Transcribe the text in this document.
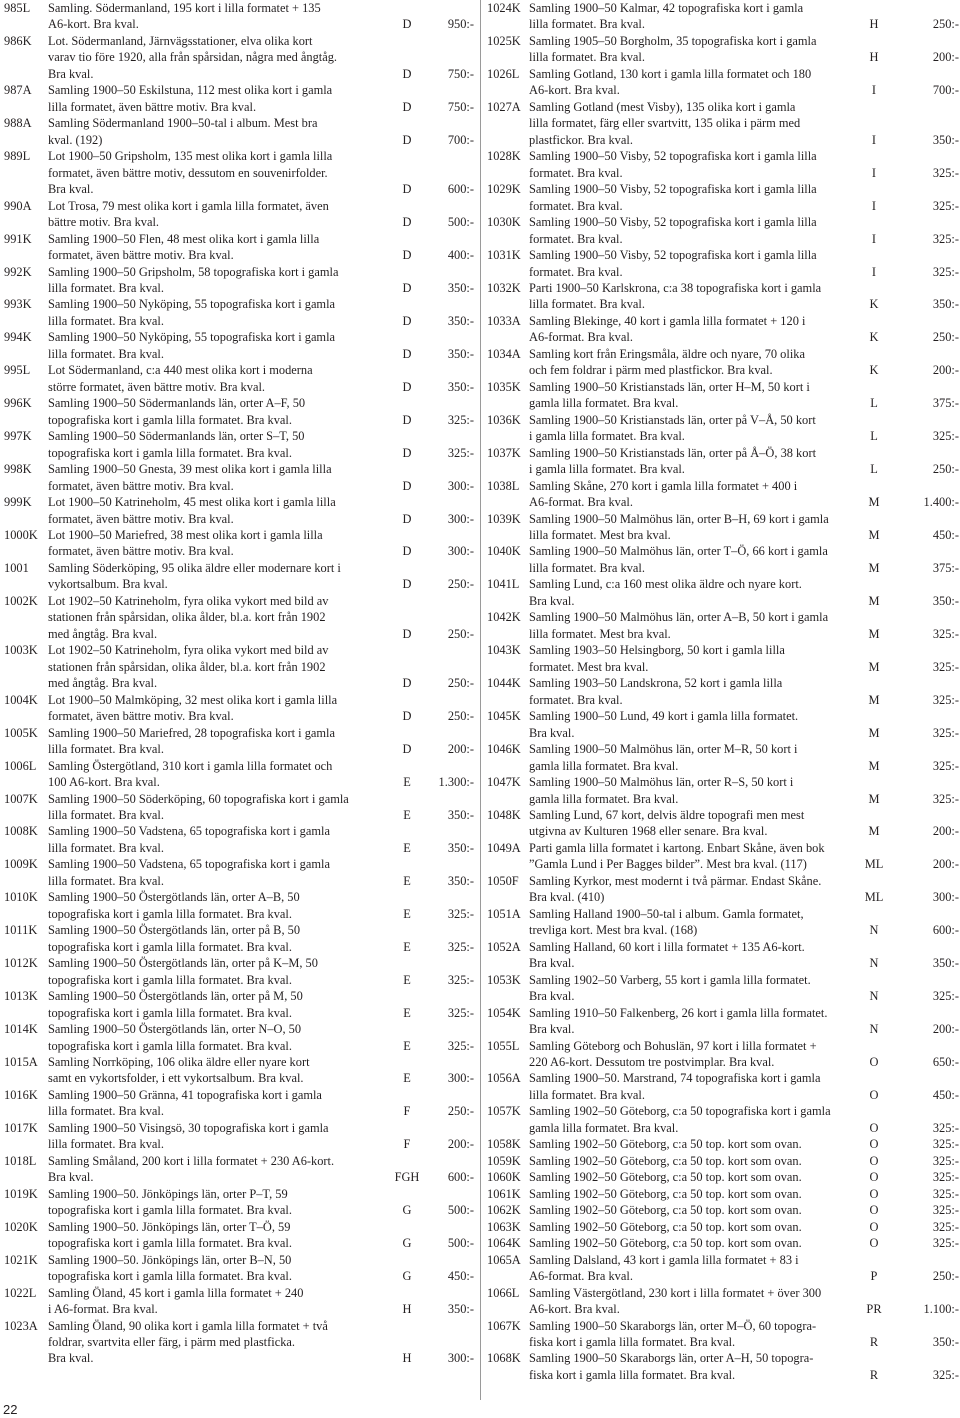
985L Samling. Södermanland, 195 kort i lilla formatet + 135
A6-kort. Bra kval.	D	950:-
986K Lot. Södermanland, Järnvägsstationer, elva olika kort
varav tio före 1920, alla från spårsidan, några med ångtåg.
Bra kval.	D	750:-
987A Samling 1900–50 Eskilstuna, 112 mest olika kort i gamla
lilla formatet, även bättre motiv. Bra kval.	D	750:-
988A Samling Södermanland 1900–50-tal i album. Mest bra
kval. (192)	D	700:-
989L Lot 1900–50 Gripsholm, 135 mest olika kort i gamla lilla
formatet, även bättre motiv, dessutom en souvenirfolder.
Bra kval.	D	600:-
990A Lot Trosa, 79 mest olika kort i gamla lilla formatet, även
bättre motiv. Bra kval.	D	500:-
991K Samling 1900–50 Flen, 48 mest olika kort i gamla lilla
formatet, även bättre motiv. Bra kval.	D	400:-
992K Samling 1900–50 Gripsholm, 58 topografiska kort i gamla
lilla formatet. Bra kval.	D	350:-
993K Samling 1900–50 Nyköping, 55 topografiska kort i gamla
lilla formatet. Bra kval.	D	350:-
994K Samling 1900–50 Nyköping, 55 topografiska kort i gamla
lilla formatet. Bra kval.	D	350:-
995L Lot Södermanland, c:a 440 mest olika kort i moderna
större formatet, även bättre motiv. Bra kval.	D	350:-
996K Samling 1900–50 Södermanlands län, orter A–F, 50
topografiska kort i gamla lilla formatet. Bra kval.	D	325:-
997K Samling 1900–50 Södermanlands län, orter S–T, 50
topografiska kort i gamla lilla formatet. Bra kval.	D	325:-
998K Samling 1900–50 Gnesta, 39 mest olika kort i gamla lilla
formatet, även bättre motiv. Bra kval.	D	300:-
999K Lot 1900–50 Katrineholm, 45 mest olika kort i gamla lilla
formatet, även bättre motiv. Bra kval.	D	300:-
1000K Lot 1900–50 Mariefred, 38 mest olika kort i gamla lilla
formatet, även bättre motiv. Bra kval.	D	300:-
1001 Samling Söderköping, 95 olika äldre eller modernare kort i
vykortsalbum. Bra kval.	D	250:-
1002K Lot 1902–50 Katrineholm, fyra olika vykort med bild av
stationen från spårsidan, olika ålder, bl.a. kort från 1902
med ångtåg. Bra kval.	D	250:-
1003K Lot 1902–50 Katrineholm, fyra olika vykort med bild av
stationen från spårsidan, olika ålder, bl.a. kort från 1902
med ångtåg. Bra kval.	D	250:-
1004K Lot 1900–50 Malmköping, 32 mest olika kort i gamla lilla
formatet, även bättre motiv. Bra kval.	D	250:-
1005K Samling 1900–50 Mariefred, 28 topografiska kort i gamla
lilla formatet. Bra kval.	D	200:-
1006L Samling Östergötland, 310 kort i gamla lilla formatet och
100 A6-kort. Bra kval.	E	1.300:-
1007K Samling 1900–50 Söderköping, 60 topografiska kort i gamla
lilla formatet. Bra kval.	E	350:-
1008K Samling 1900–50 Vadstena, 65 topografiska kort i gamla
lilla formatet. Bra kval.	E	350:-
1009K Samling 1900–50 Vadstena, 65 topografiska kort i gamla
lilla formatet. Bra kval.	E	350:-
1010K Samling 1900–50 Östergötlands län, orter A–B, 50
topografiska kort i gamla lilla formatet. Bra kval.	E	325:-
1011K Samling 1900–50 Östergötlands län, orter på B, 50
topografiska kort i gamla lilla formatet. Bra kval.	E	325:-
1012K Samling 1900–50 Östergötlands län, orter på K–M, 50
topografiska kort i gamla lilla formatet. Bra kval.	E	325:-
1013K Samling 1900–50 Östergötlands län, orter på M, 50
topografiska kort i gamla lilla formatet. Bra kval.	E	325:-
1014K Samling 1900–50 Östergötlands län, orter N–O, 50
topografiska kort i gamla lilla formatet. Bra kval.	E	325:-
1015A Samling Norrköping, 106 olika äldre eller nyare kort
samt en vykortsfolder, i ett vykortsalbum. Bra kval.	E	300:-
1016K Samling 1900–50 Gränna, 41 topografiska kort i gamla
lilla formatet. Bra kval.	F	250:-
1017K Samling 1900–50 Visingsö, 30 topografiska kort i gamla
lilla formatet. Bra kval.	F	200:-
1018L Samling Småland, 200 kort i lilla formatet + 230 A6-kort.
Bra kval.	FGH	600:-
1019K Samling 1900–50. Jönköpings län, orter P–T, 59
topografiska kort i gamla lilla formatet. Bra kval.	G	500:-
1020K Samling 1900–50. Jönköpings län, orter T–Ö, 59
topografiska kort i gamla lilla formatet. Bra kval.	G	500:-
1021K Samling 1900–50. Jönköpings län, orter B–N, 50
topografiska kort i gamla lilla formatet. Bra kval.	G	450:-
1022L Samling Öland, 45 kort i gamla lilla formatet + 240
i A6-format. Bra kval.	H	350:-
1023A Samling Öland, 90 olika kort i gamla lilla formatet + två
foldrar, svartvita eller färg, i pärm med plastficka.
Bra kval.	H	300:-
1024K Samling 1900–50 Kalmar, 42 topografiska kort i gamla
lilla formatet. Bra kval.	H	250:-
1025K Samling 1905–50 Borgholm, 35 topografiska kort i gamla
lilla formatet. Bra kval.	H	200:-
1026L Samling Gotland, 130 kort i gamla lilla formatet och 180
A6-kort. Bra kval.	I	700:-
1027A Samling Gotland (mest Visby), 135 olika kort i gamla
lilla formatet, färg eller svartvitt, 135 olika i pärm med
plastfickor. Bra kval.	I	350:-
1028K Samling 1900–50 Visby, 52 topografiska kort i gamla lilla
formatet. Bra kval.	I	325:-
1029K Samling 1900–50 Visby, 52 topografiska kort i gamla lilla
formatet. Bra kval.	I	325:-
1030K Samling 1900–50 Visby, 52 topografiska kort i gamla lilla
formatet. Bra kval.	I	325:-
1031K Samling 1900–50 Visby, 52 topografiska kort i gamla lilla
formatet. Bra kval.	I	325:-
1032K Parti 1900–50 Karlskrona, c:a 38 topografiska kort i gamla
lilla formatet. Bra kval.	K	350:-
1033A Samling Blekinge, 40 kort i gamla lilla formatet + 120 i
A6-format. Bra kval.	K	250:-
1034A Samling kort från Eringsmåla, äldre och nyare, 70 olika
och fem foldrar i pärm med plastfickor. Bra kval.	K	200:-
1035K Samling 1900–50 Kristianstads län, orter H–M, 50 kort i
gamla lilla formatet. Bra kval.	L	375:-
1036K Samling 1900–50 Kristianstads län, orter på V–Å, 50 kort
i gamla lilla formatet. Bra kval.	L	325:-
1037K Samling 1900–50 Kristianstads län, orter på Å–Ö, 38 kort
i gamla lilla formatet. Bra kval.	L	250:-
1038L Samling Skåne, 270 kort i gamla lilla formatet + 400 i
A6-format. Bra kval.	M	1.400:-
1039K Samling 1900–50 Malmöhus län, orter B–H, 69 kort i gamla
lilla formatet. Mest bra kval.	M	450:-
1040K Samling 1900–50 Malmöhus län, orter T–Ö, 66 kort i gamla
lilla formatet. Bra kval.	M	375:-
1041L Samling Lund, c:a 160 mest olika äldre och nyare kort.
Bra kval.	M	350:-
1042K Samling 1900–50 Malmöhus län, orter A–B, 50 kort i gamla
lilla formatet. Mest bra kval.	M	325:-
1043K Samling 1903–50 Helsingborg, 50 kort i gamla lilla
formatet. Mest bra kval.	M	325:-
1044K Samling 1903–50 Landskrona, 52 kort i gamla lilla
formatet. Bra kval.	M	325:-
1045K Samling 1900–50 Lund, 49 kort i gamla lilla formatet.
Bra kval.	M	325:-
1046K Samling 1900–50 Malmöhus län, orter M–R, 50 kort i
gamla lilla formatet. Bra kval.	M	325:-
1047K Samling 1900–50 Malmöhus län, orter R–S, 50 kort i
gamla lilla formatet. Bra kval.	M	325:-
1048K Samling Lund, 67 kort, delvis äldre topografi men mest
utgivna av Kulturen 1968 eller senare. Bra kval.	M	200:-
1049A Parti gamla lilla formatet i kartong. Enbart Skåne, även bok
”Gamla Lund i Per Bagges bilder”. Mest bra kval. (117)	ML	200:-
1050F Samling Kyrkor, mest modernt i två pärmar. Endast Skåne.
Bra kval. (410)	ML	300:-
1051A Samling Halland 1900–50-tal i album. Gamla formatet,
trevliga kort. Mest bra kval. (168)	N	600:-
1052A Samling Halland, 60 kort i lilla formatet + 135 A6-kort.
Bra kval.	N	350:-
1053K Samling 1902–50 Varberg, 55 kort i gamla lilla formatet.
Bra kval.	N	325:-
1054K Samling 1910–50 Falkenberg, 26 kort i gamla lilla formatet.
Bra kval.	N	200:-
1055L Samling Göteborg och Bohuslän, 97 kort i lilla formatet +
220 A6-kort. Dessutom tre postvimplar. Bra kval.	O	650:-
1056A Samling 1900–50. Marstrand, 74 topografiska kort i gamla
lilla formatet. Bra kval.	O	450:-
1057K Samling 1902–50 Göteborg, c:a 50 topografiska kort i gamla
gamla lilla formatet. Bra kval.	O	325:-
1058K Samling 1902–50 Göteborg, c:a 50 top. kort som ovan.	O	325:-
1059K Samling 1902–50 Göteborg, c:a 50 top. kort som ovan.	O	325:-
1060K Samling 1902–50 Göteborg, c:a 50 top. kort som ovan.	O	325:-
1061K Samling 1902–50 Göteborg, c:a 50 top. kort som ovan.	O	325:-
1062K Samling 1902–50 Göteborg, c:a 50 top. kort som ovan.	O	325:-
1063K Samling 1902–50 Göteborg, c:a 50 top. kort som ovan.	O	325:-
1064K Samling 1902–50 Göteborg, c:a 50 top. kort som ovan.	O	325:-
1065A Samling Dalsland, 43 kort i gamla lilla formatet + 83 i
A6-format. Bra kval.	P	250:-
1066L Samling Västergötland, 230 kort i lilla formatet + över 300
A6-kort. Bra kval.	PR	1.100:-
1067K Samling 1900–50 Skaraborgs län, orter M–Ö, 60 topogra-
fiska kort i gamla lilla formatet. Bra kval.	R	350:-
1068K Samling 1900–50 Skaraborgs län, orter A–H, 50 topogra-
fiska kort i gamla lilla formatet. Bra kval.	R	325:-
22
